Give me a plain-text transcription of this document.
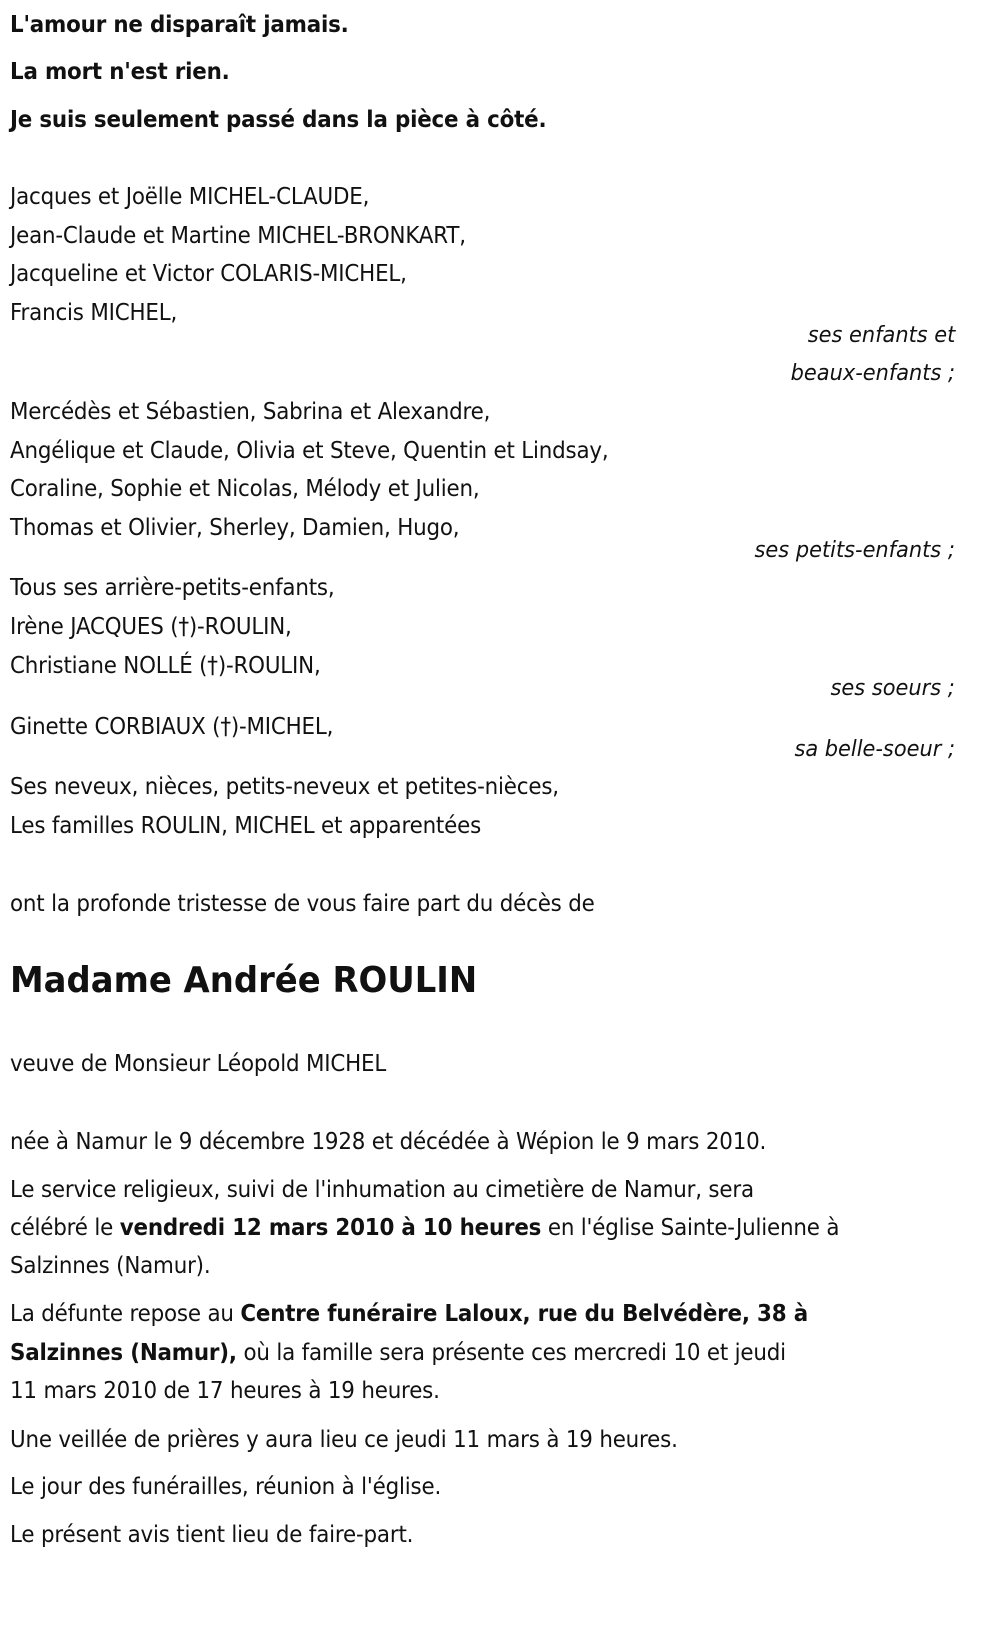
L'amour ne disparaît jamais.
La mort n'est rien.
Je suis seulement passé dans la pièce à côté.
Jacques et Joëlle MICHEL-CLAUDE,
Jean-Claude et Martine MICHEL-BRONKART,
Jacqueline et Victor COLARIS-MICHEL,
Francis MICHEL,
ses enfants et
beaux-enfants ;
Mercédès et Sébastien, Sabrina et Alexandre,
Angélique et Claude, Olivia et Steve, Quentin et Lindsay,
Coraline, Sophie et Nicolas, Mélody et Julien,
Thomas et Olivier, Sherley, Damien, Hugo,
ses petits-enfants ;
Tous ses arrière-petits-enfants,
Irène JACQUES (†)-ROULIN,
Christiane NOLLÉ (†)-ROULIN,
ses soeurs ;
Ginette CORBIAUX (†)-MICHEL,
sa belle-soeur ;
Ses neveux, nièces, petits-neveux et petites-nièces,
Les familles ROULIN, MICHEL et apparentées
ont la profonde tristesse de vous faire part du décès de
Madame Andrée ROULIN
veuve de Monsieur Léopold MICHEL
née à Namur le 9 décembre 1928 et décédée à Wépion le 9 mars 2010.
Le service religieux, suivi de l'inhumation au cimetière de Namur, sera
célébré le vendredi 12 mars 2010 à 10 heures en l'église Sainte-Julienne à
Salzinnes (Namur).
La défunte repose au Centre funéraire Laloux, rue du Belvédère, 38 à
Salzinnes (Namur), où la famille sera présente ces mercredi 10 et jeudi
11 mars 2010 de 17 heures à 19 heures.
Une veillée de prières y aura lieu ce jeudi 11 mars à 19 heures.
Le jour des funérailles, réunion à l'église.
Le présent avis tient lieu de faire-part.
